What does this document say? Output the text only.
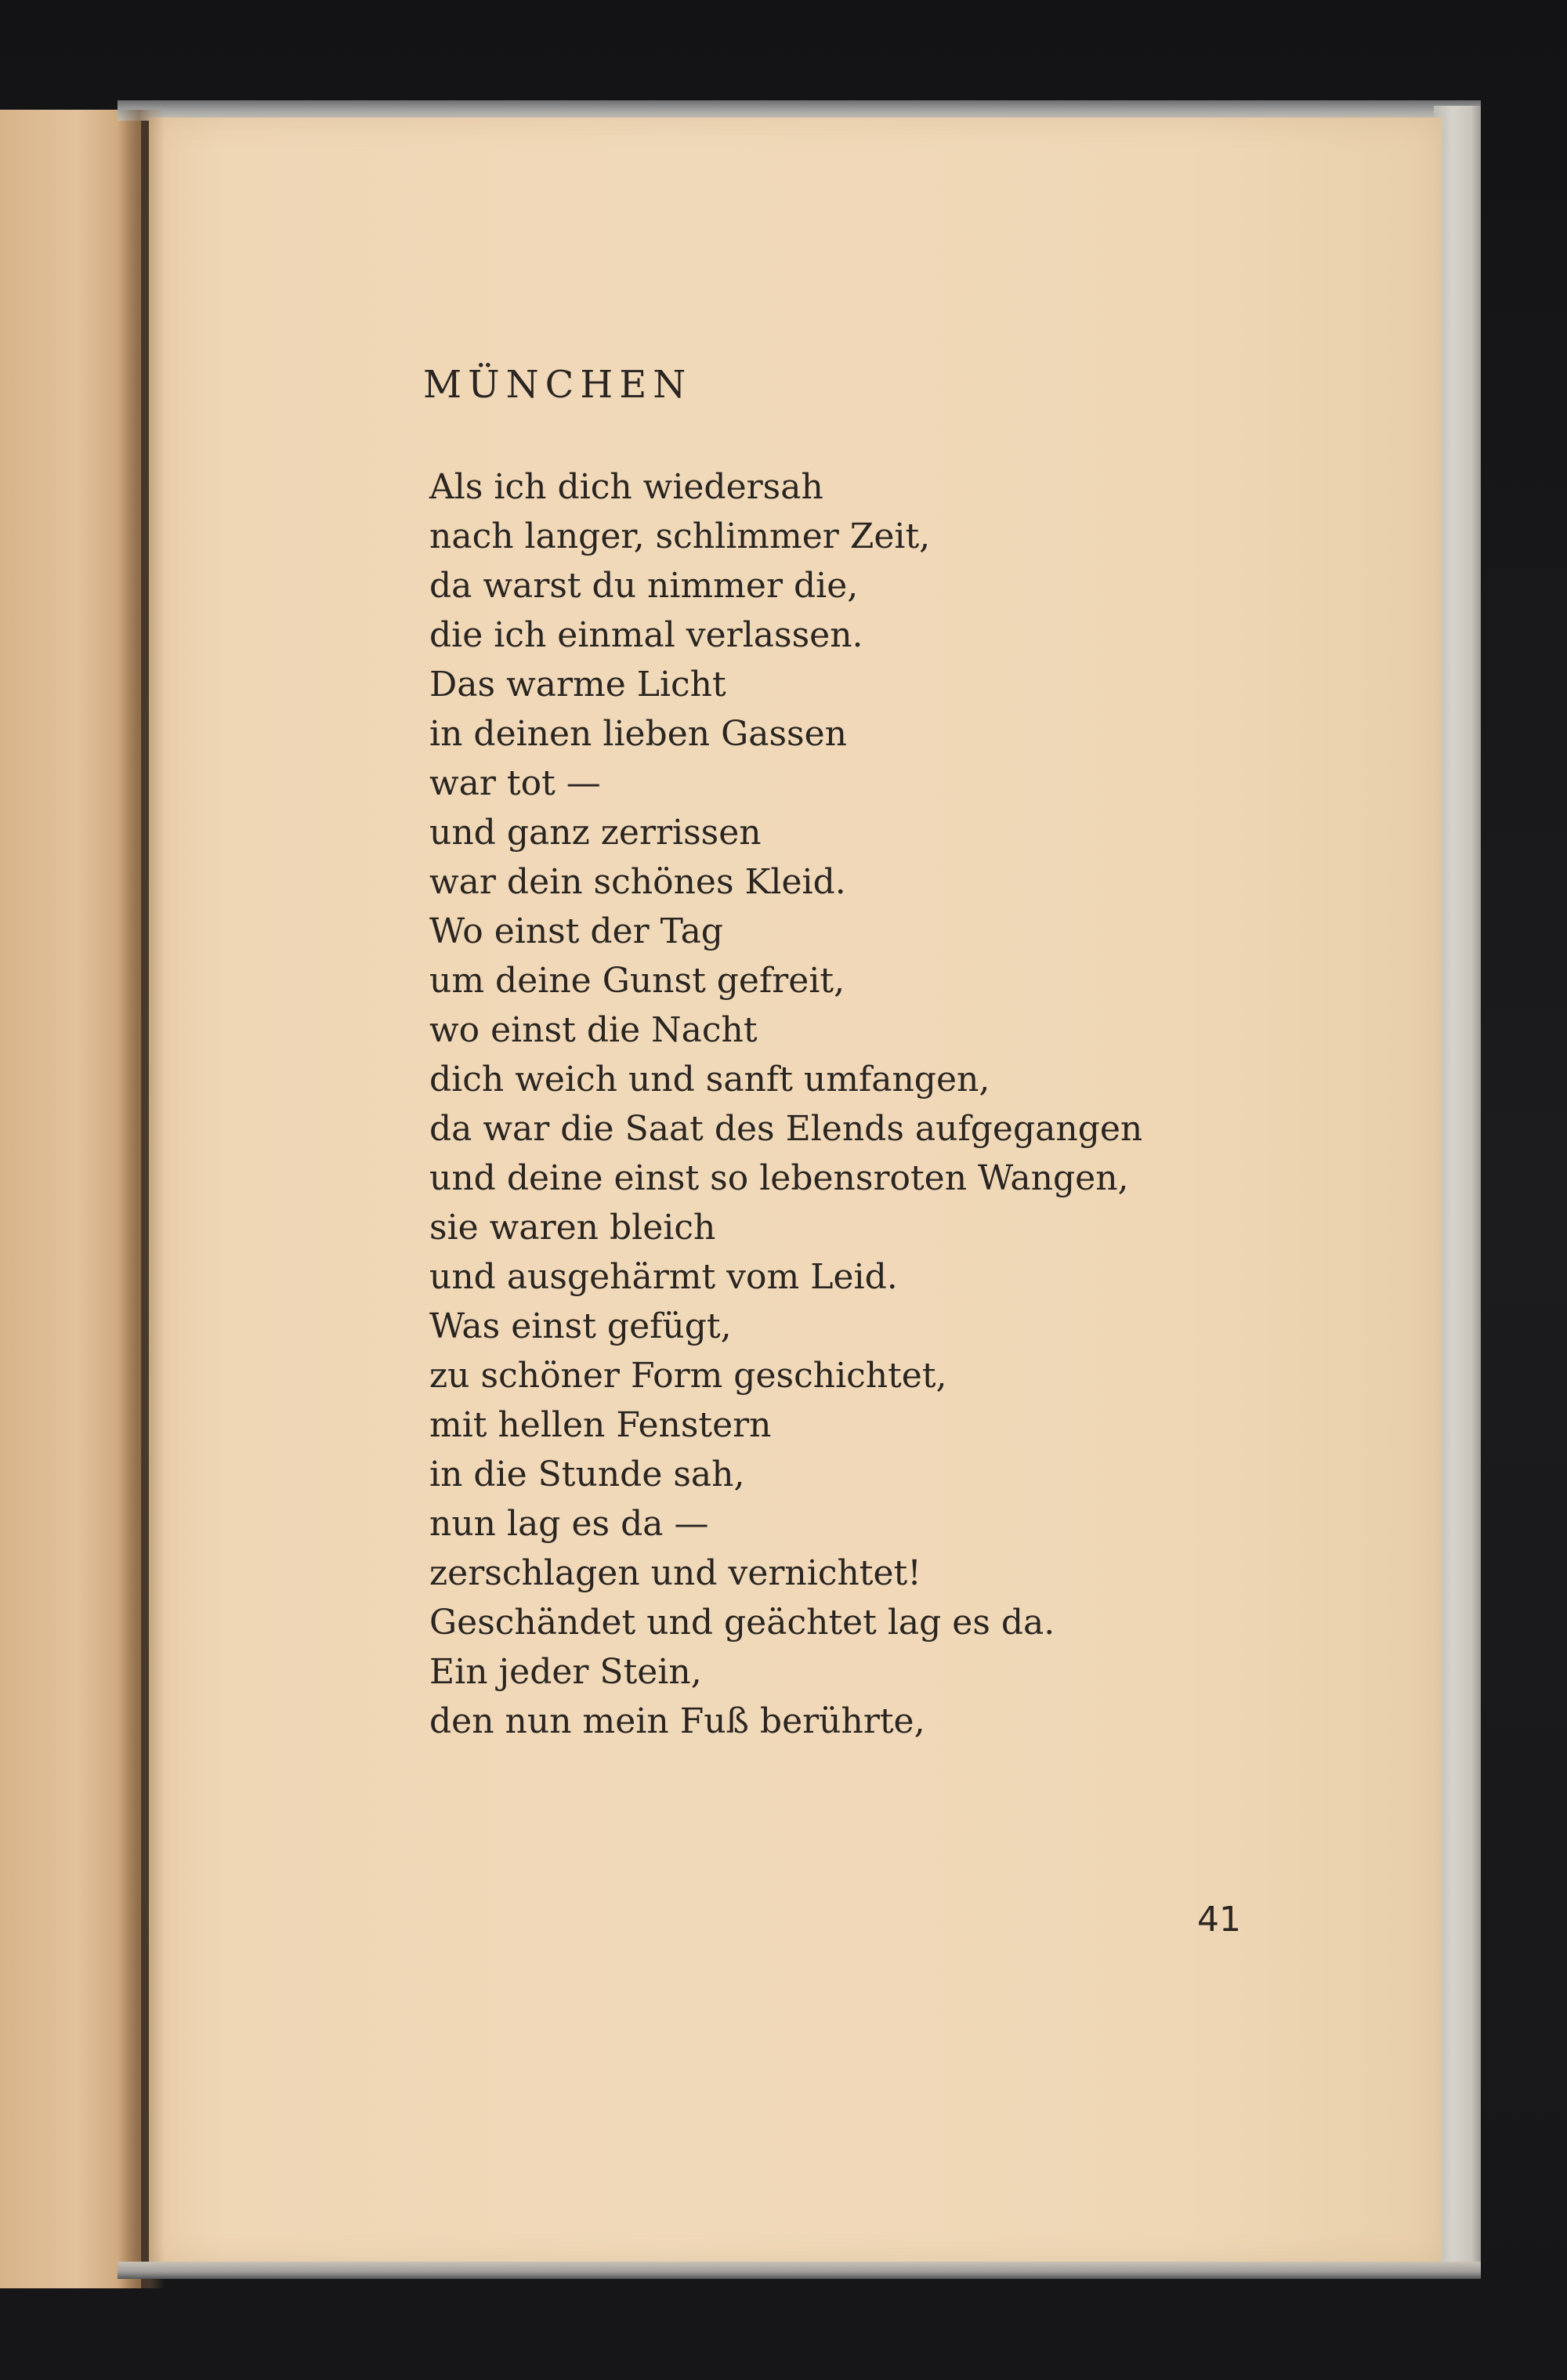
MÜNCHEN
Als ich dich wiedersah
nach langer, schlimmer Zeit,
da warst du nimmer die,
die ich einmal verlassen.
Das warme Licht
in deinen lieben Gassen
war tot —
und ganz zerrissen
war dein schönes Kleid.
Wo einst der Tag
um deine Gunst gefreit,
wo einst die Nacht
dich weich und sanft umfangen,
da war die Saat des Elends aufgegangen
und deine einst so lebensroten Wangen,
sie waren bleich
und ausgehärmt vom Leid.
Was einst gefügt,
zu schöner Form geschichtet,
mit hellen Fenstern
in die Stunde sah,
nun lag es da —
zerschlagen und vernichtet!
Geschändet und geächtet lag es da.
Ein jeder Stein,
den nun mein Fuß berührte,
41
